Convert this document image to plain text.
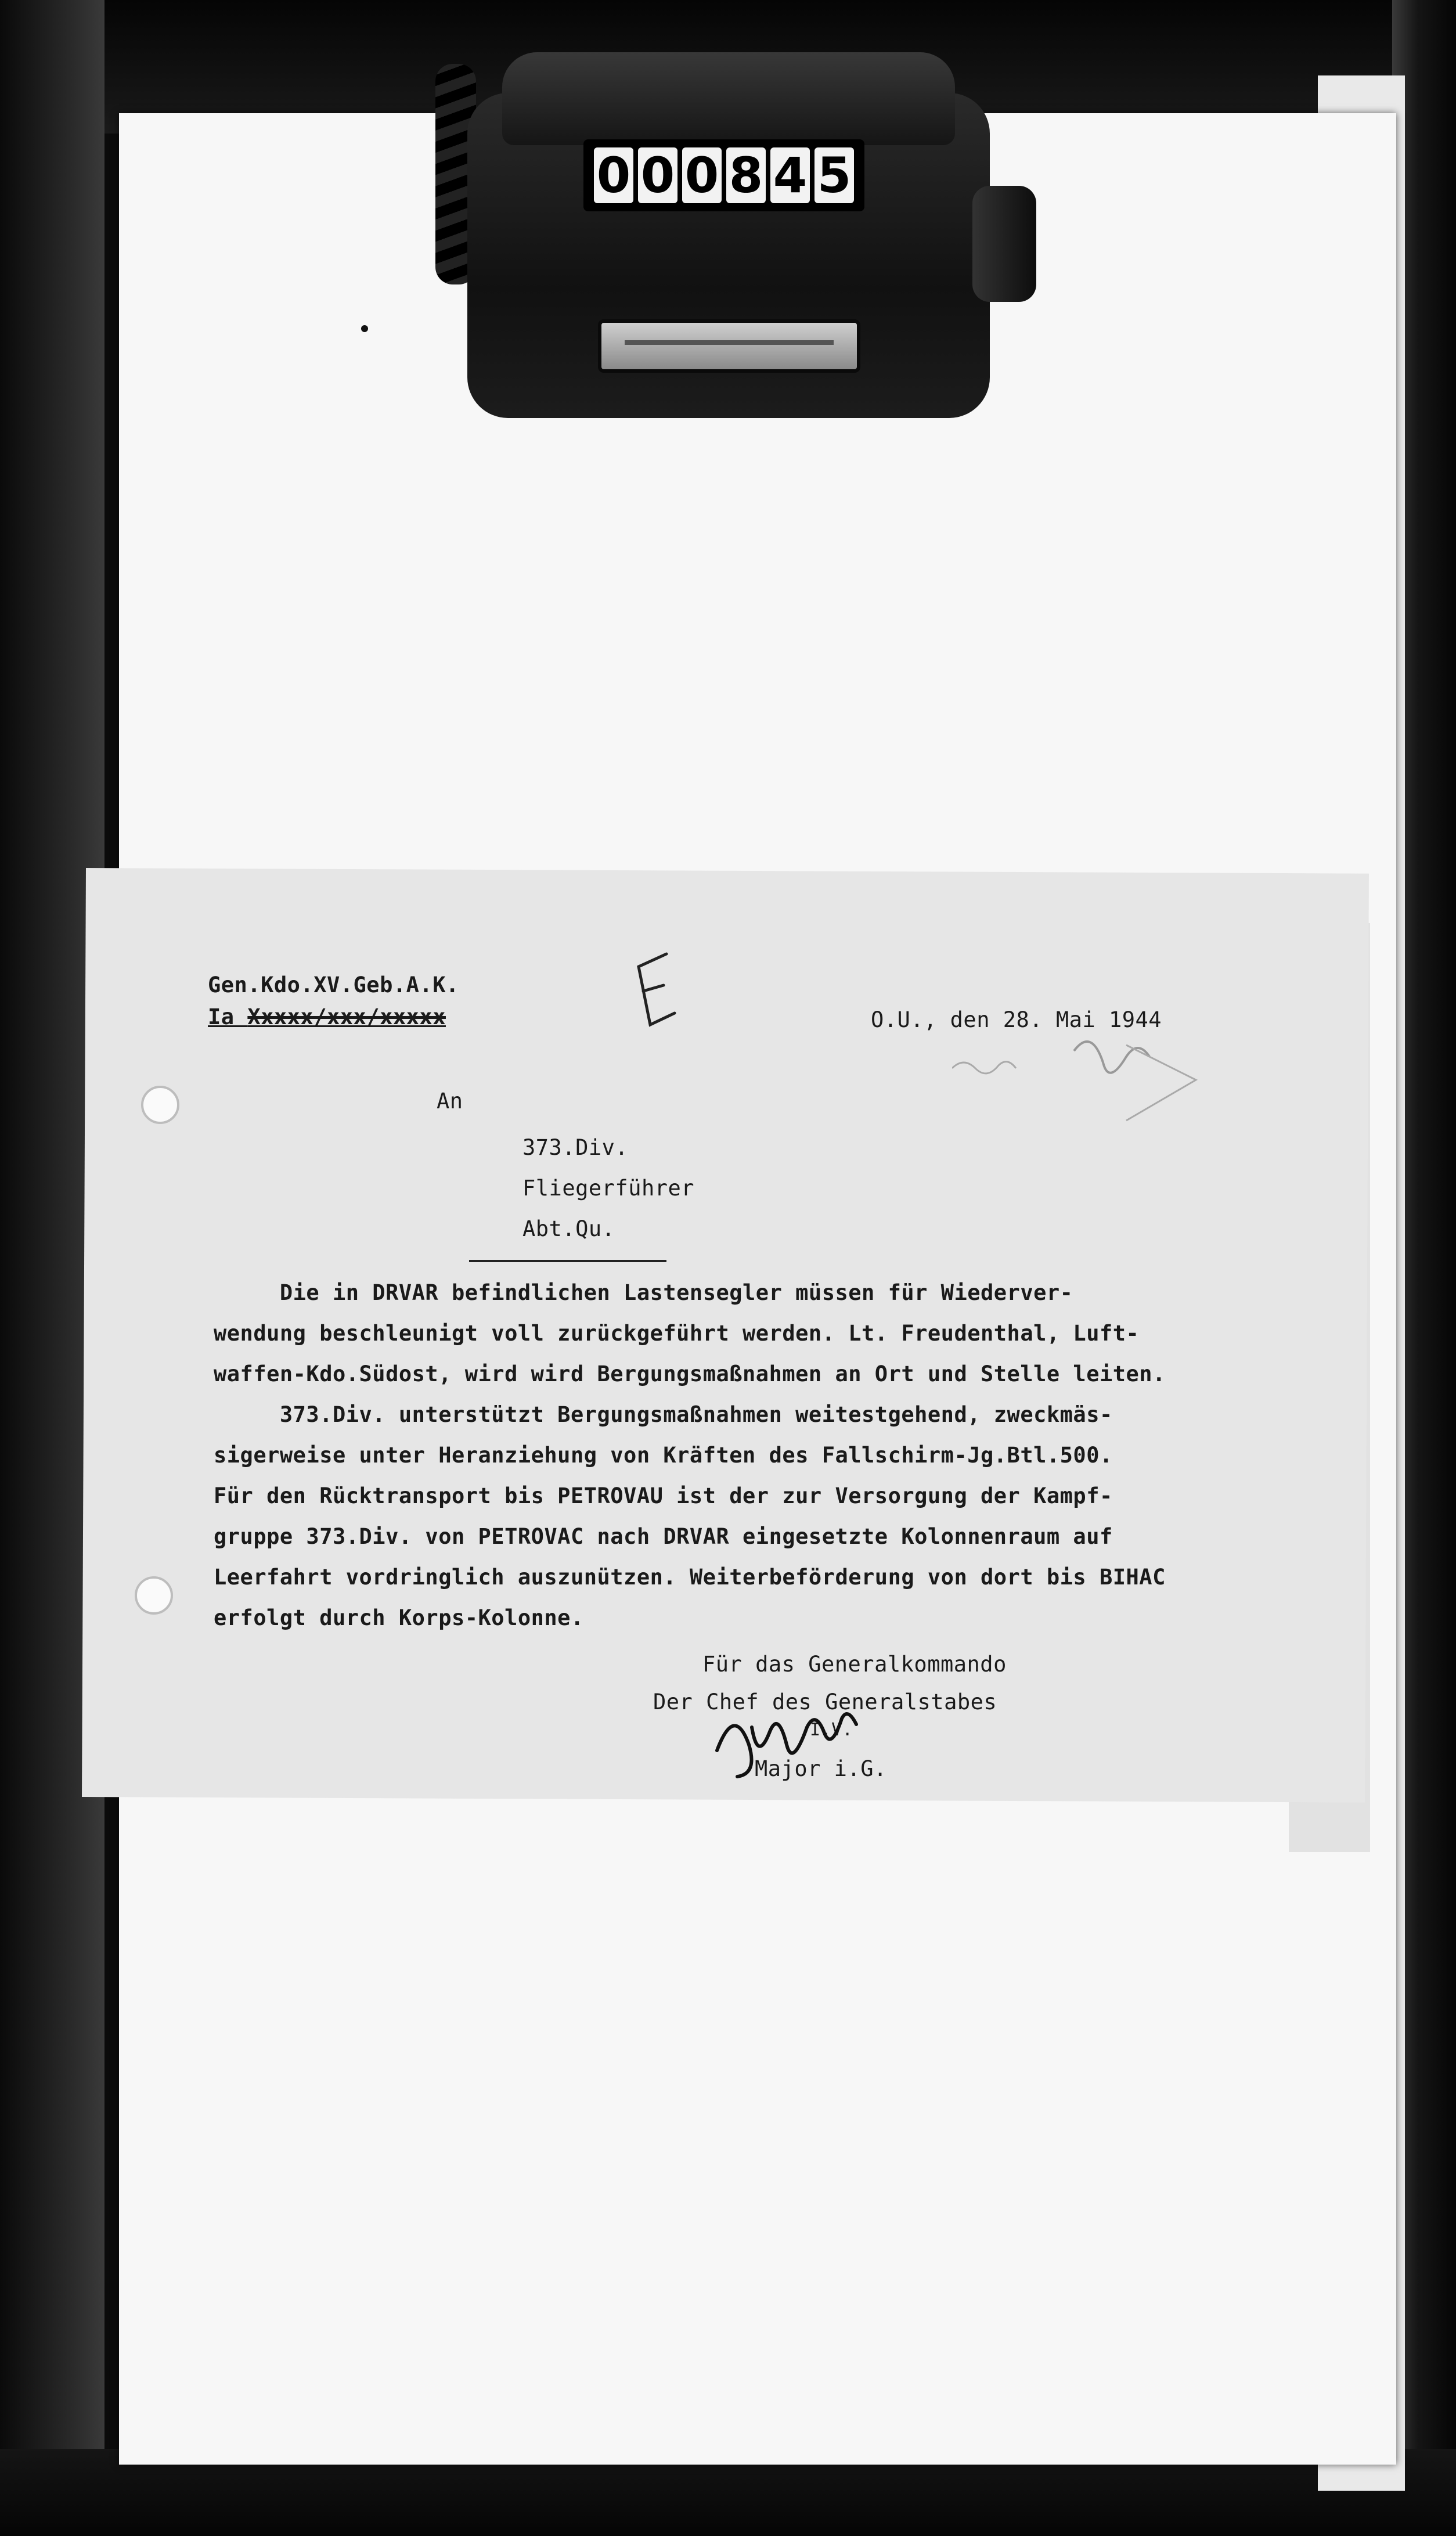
0 0 0 8 4 5
Gen.Kdo.XV.Geb.A.K.
Ia Xxxxx/xxx/xxxxx	O.U., den 28. Mai 1944
An
373.Div.
Fliegerführer
Abt.Qu.
Die in DRVAR befindlichen Lastensegler müssen für Wiederver-
wendung beschleunigt voll zurückgeführt werden. Lt. Freudenthal, Luft-
waffen-Kdo.Südost, wird wird Bergungsmaßnahmen an Ort und Stelle leiten.
373.Div. unterstützt Bergungsmaßnahmen weitestgehend, zweckmäs-
sigerweise unter Heranziehung von Kräften des Fallschirm-Jg.Btl.500.
Für den Rücktransport bis PETROVAU ist der zur Versorgung der Kampf-
gruppe 373.Div. von PETROVAC nach DRVAR eingesetzte Kolonnenraum auf
Leerfahrt vordringlich auszunützen. Weiterbeförderung von dort bis BIHAC
erfolgt durch Korps-Kolonne.
Für das Generalkommando
Der Chef des Generalstabes
I.V.
Major i.G.
